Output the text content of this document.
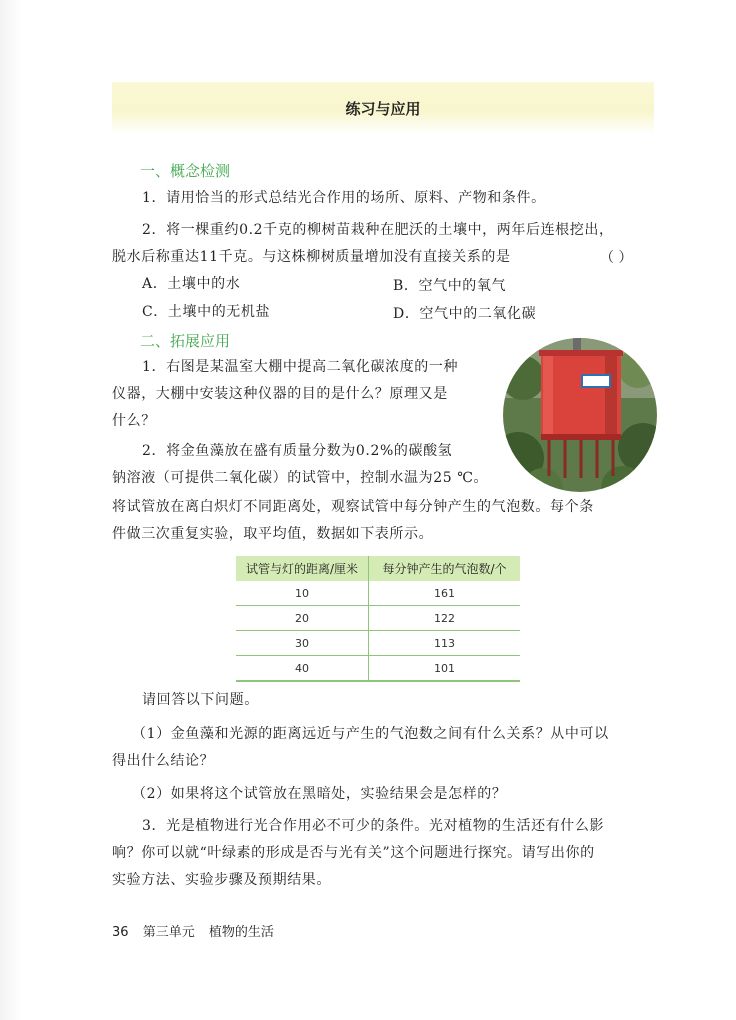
练习与应用
一、概念检测
1．请用恰当的形式总结光合作用的场所、原料、产物和条件。
2．将一棵重约0.2千克的柳树苗栽种在肥沃的土壤中，两年后连根挖出，
脱水后称重达11千克。与这株柳树质量增加没有直接关系的是	（ ）
A．土壤中的水	B．空气中的氧气
C．土壤中的无机盐	D．空气中的二氧化碳
二、拓展应用
1．右图是某温室大棚中提高二氧化碳浓度的一种
仪器，大棚中安装这种仪器的目的是什么？原理又是
什么？
2．将金鱼藻放在盛有质量分数为0.2%的碳酸氢
钠溶液（可提供二氧化碳）的试管中，控制水温为25 ℃。
将试管放在离白炽灯不同距离处，观察试管中每分钟产生的气泡数。每个条
件做三次重复实验，取平均值，数据如下表所示。
试管与灯的距离/厘米	每分钟产生的气泡数/个
10	161
20	122
30	113
40	101
请回答以下问题。
（1）金鱼藻和光源的距离远近与产生的气泡数之间有什么关系？从中可以
得出什么结论？
（2）如果将这个试管放在黑暗处，实验结果会是怎样的？
3．光是植物进行光合作用必不可少的条件。光对植物的生活还有什么影
响？你可以就“叶绿素的形成是否与光有关”这个问题进行探究。请写出你的
实验方法、实验步骤及预期结果。
36 第三单元 植物的生活
